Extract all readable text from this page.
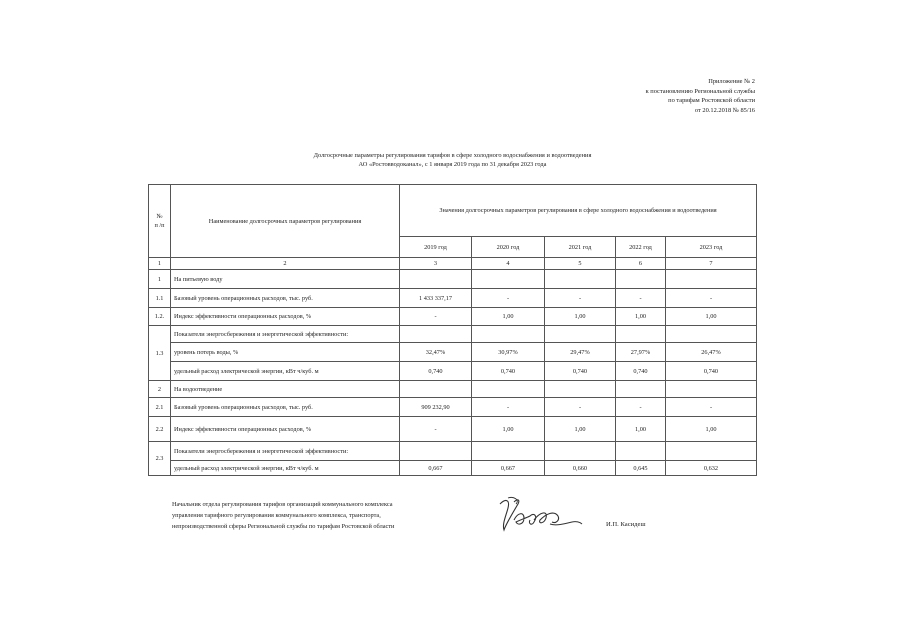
Приложение № 2
к постановлению Региональной службы
по тарифам Ростовской области
от 20.12.2018 № 85/16
Долгосрочные параметры регулирования тарифов в сфере холодного водоснабжения и водоотведения
АО «Ростовводоканал», с 1 января 2019 года по 31 декабря 2023 года
№
п /п	Наименование долгосрочных параметров регулирования	Значения долгосрочных параметров регулирования в сфере холодного водоснабжения и водоотведения				
		2019 год	2020 год	2021 год	2022 год	2023 год
1	2	3	4	5	6	7
1	На питьевую воду					
1.1	Базовый уровень операционных расходов, тыс. руб.	1 433 337,17	-	-	-	-
1.2.	Индекс эффективности операционных расходов, %	-	1,00	1,00	1,00	1,00
1.3	Показатели энергосбережения и энергетической эффективности:					
	уровень потерь воды, %	32,47%	30,97%	29,47%	27,97%	26,47%
	удельный расход электрической энергии, кВт ч/куб. м	0,740	0,740	0,740	0,740	0,740
2	На водоотведение					
2.1	Базовый уровень операционных расходов, тыс. руб.	909 232,90	-	-	-	-
2.2	Индекс эффективности операционных расходов, %	-	1,00	1,00	1,00	1,00
2.3	Показатели энергосбережения и энергетической эффективности:					
	удельный расход электрической энергии, кВт ч/куб. м	0,667	0,667	0,660	0,645	0,632
Начальник отдела регулирования тарифов организаций коммунального комплекса
управления тарифного регулирования коммунального комплекса, транспорта,
непроизводственной сферы Региональной службы по тарифам Ростовской области	И.П. Касидеш
